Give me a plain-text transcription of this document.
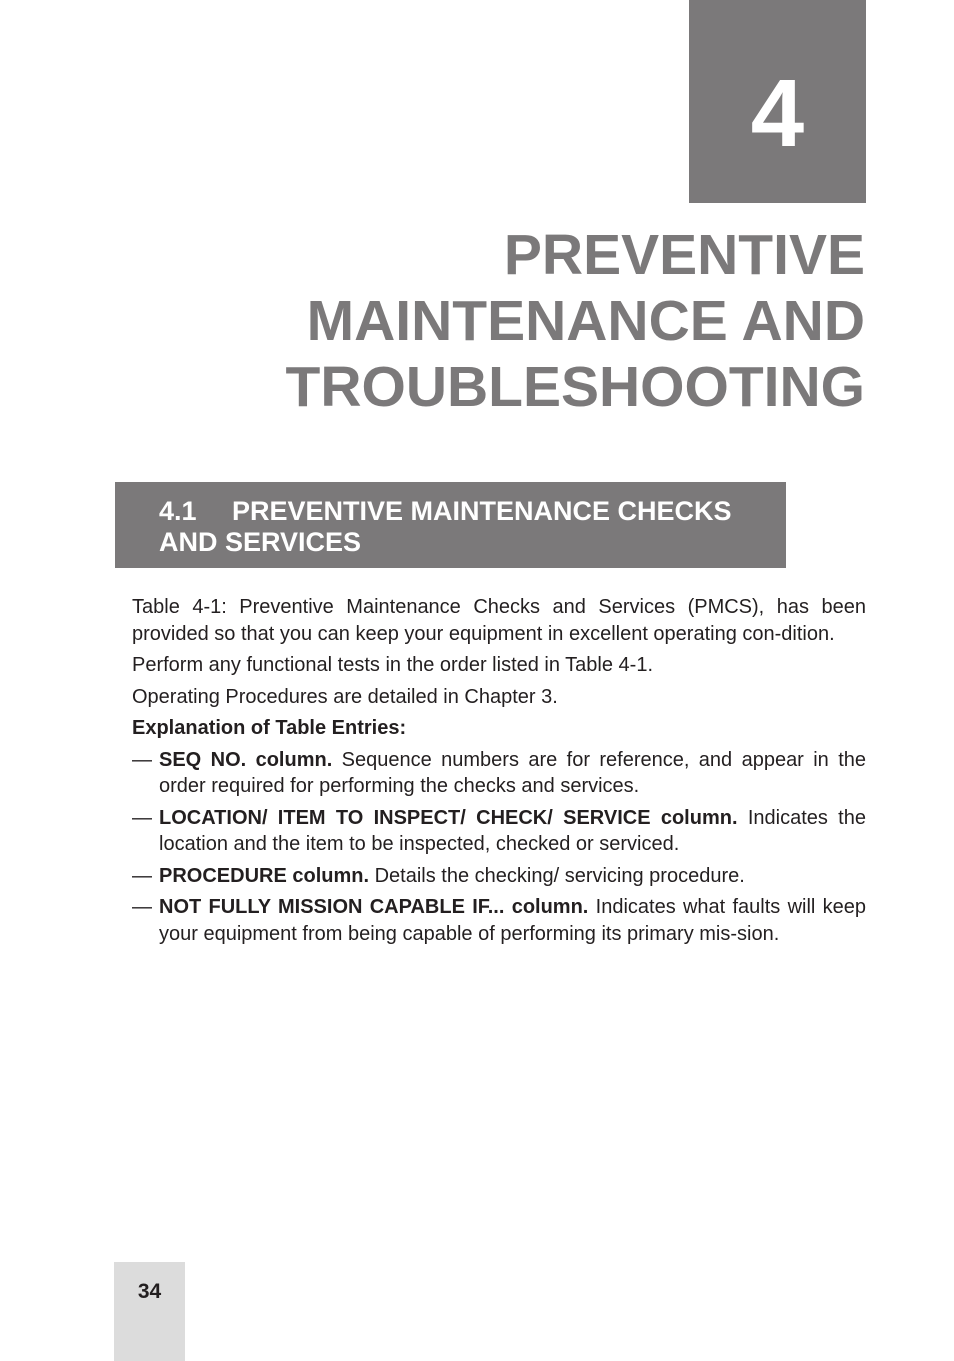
4
PREVENTIVE
MAINTENANCE AND
TROUBLESHOOTING
4.1 PREVENTIVE MAINTENANCE CHECKS
AND SERVICES

Table 4-1: Preventive Maintenance Checks and Services (PMCS), has been provided so that you can keep your equipment in excellent operating con-dition.

Perform any functional tests in the order listed in Table 4-1.

Operating Procedures are detailed in Chapter 3.

Explanation of Table Entries:

— SEQ NO. column. Sequence numbers are for reference, and appear in the order required for performing the checks and services.

— LOCATION/ ITEM TO INSPECT/ CHECK/ SERVICE column. Indicates the location and the item to be inspected, checked or serviced.

— PROCEDURE column. Details the checking/ servicing procedure.

— NOT FULLY MISSION CAPABLE IF... column. Indicates what faults will keep your equipment from being capable of performing its primary mis-sion.

34
